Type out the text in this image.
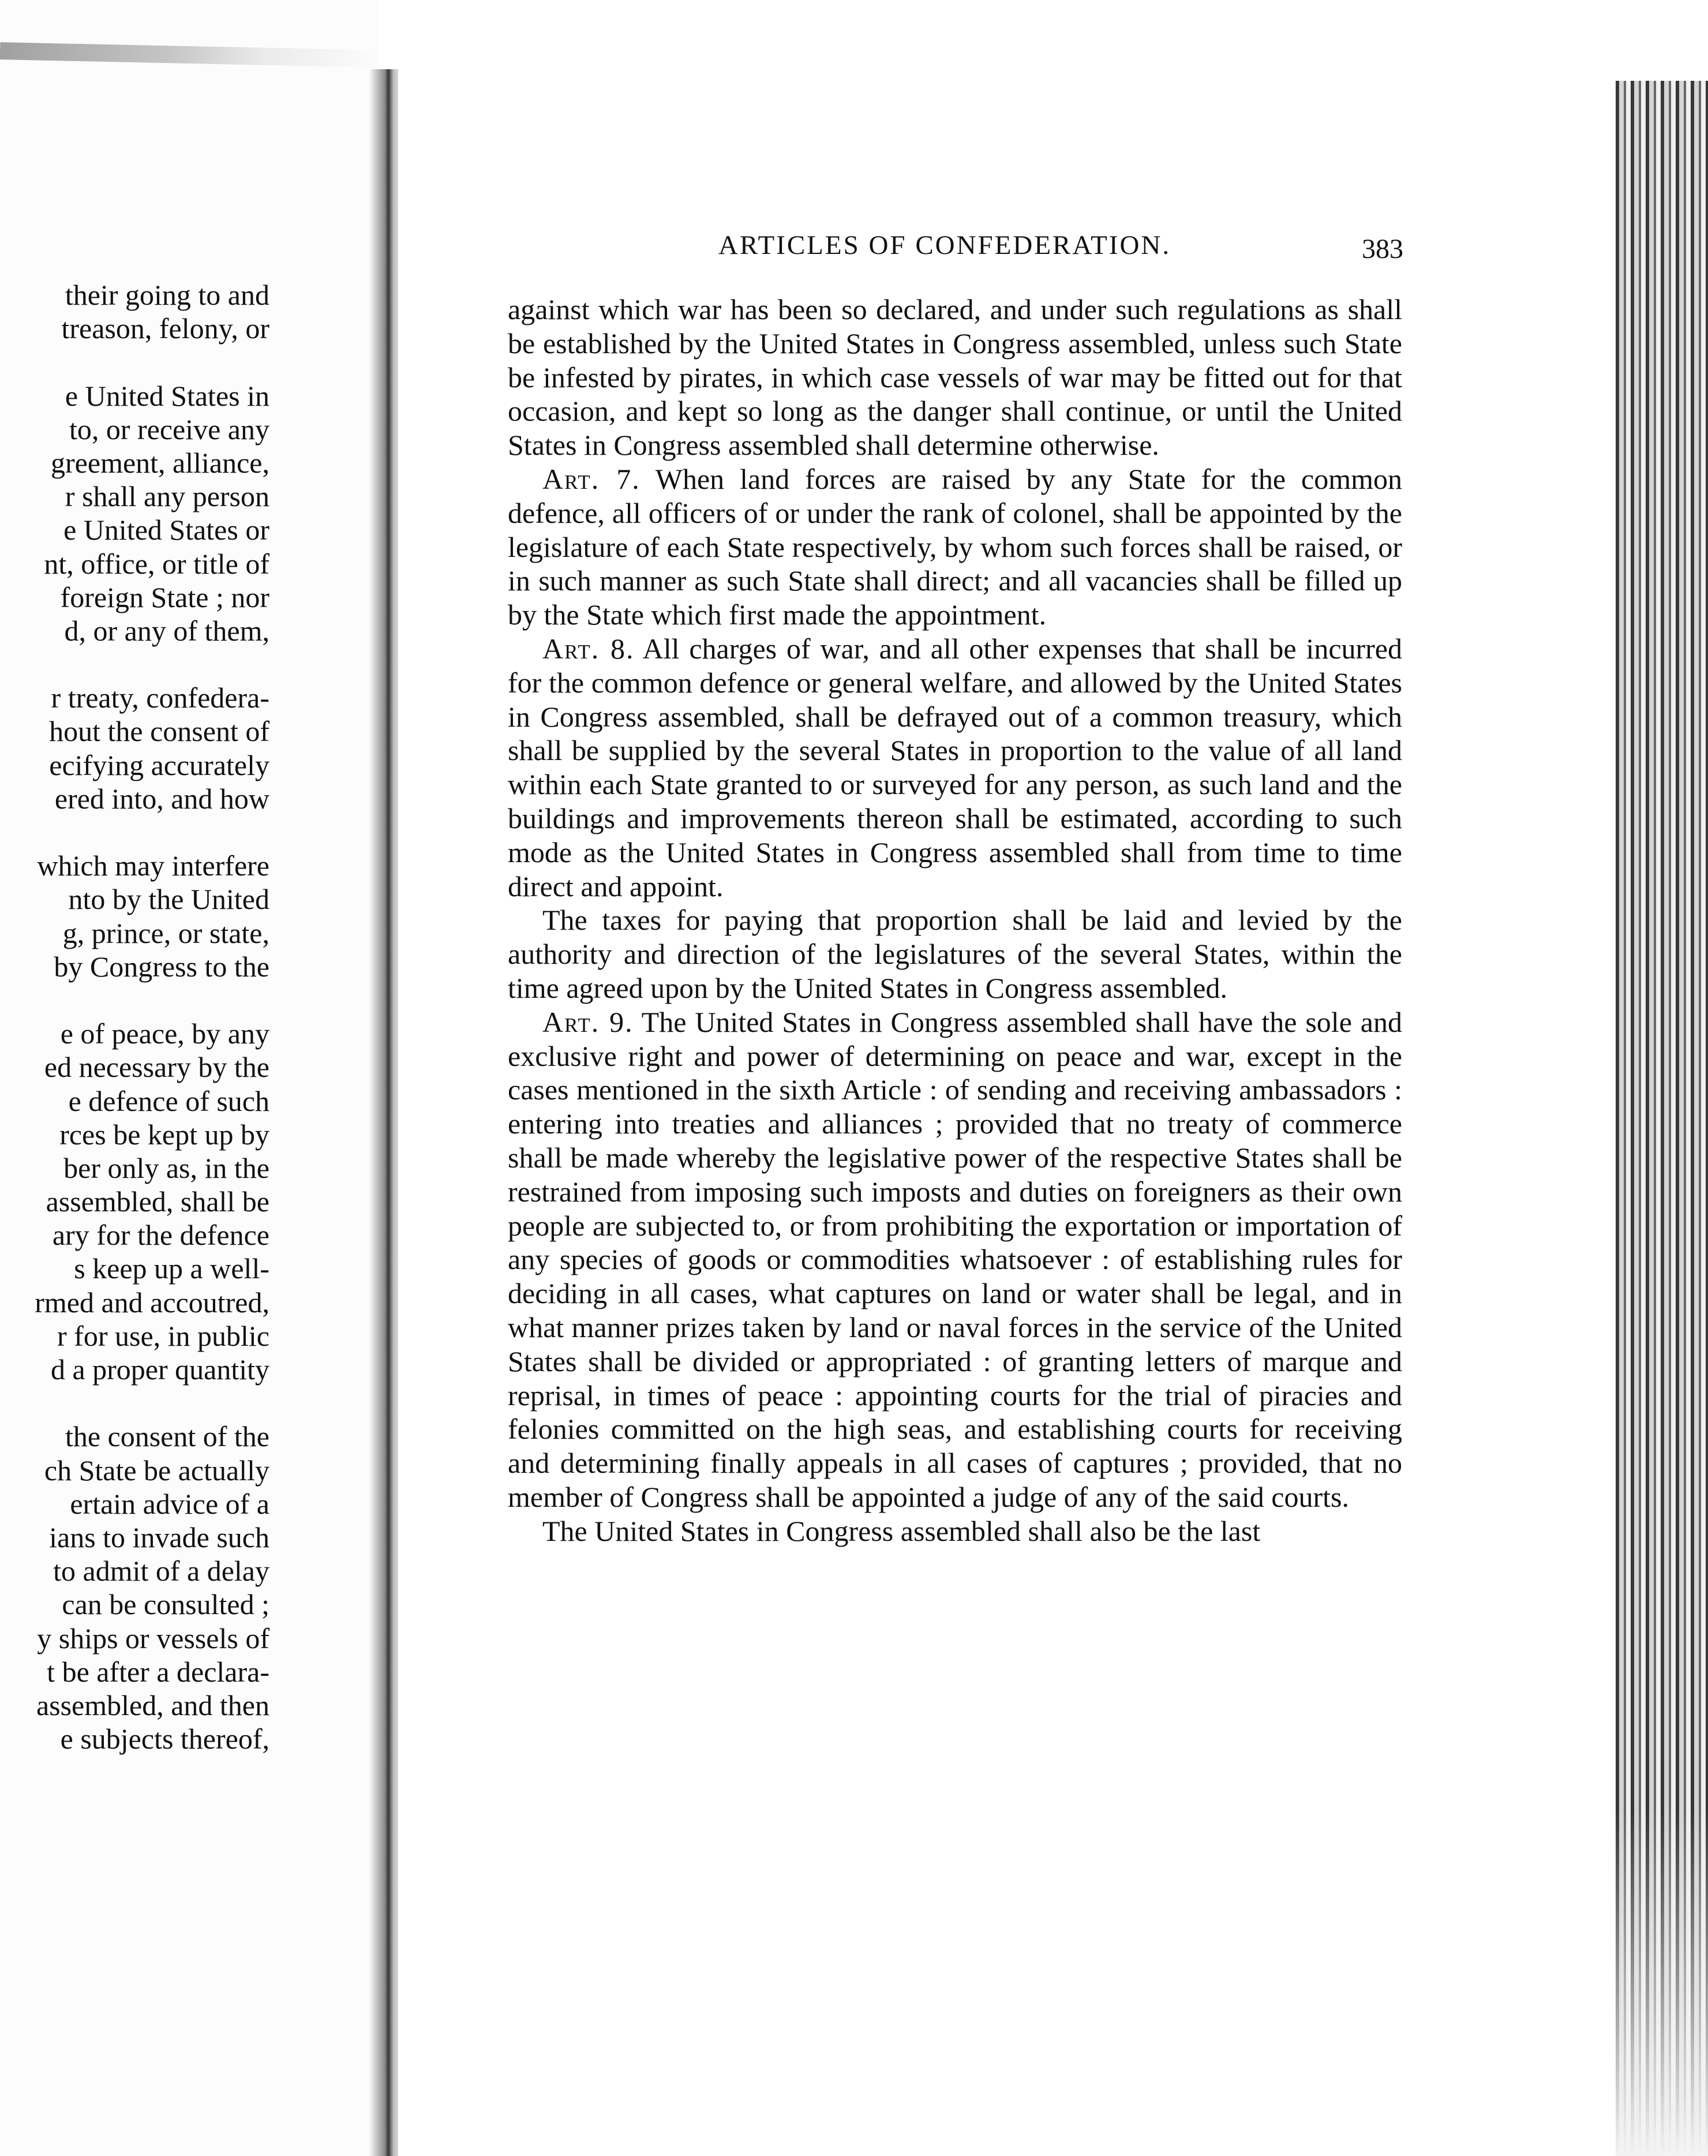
their going to and
treason, felony, or
e United States in
to, or receive any
greement, alliance,
r shall any person
e United States or
nt, office, or title of
foreign State ; nor
d, or any of them,
r treaty, confedera-
hout the consent of
ecifying accurately
ered into, and how
which may interfere
nto by the United
g, prince, or state,
by Congress to the
e of peace, by any
ed necessary by the
e defence of such
rces be kept up by
ber only as, in the
assembled, shall be
ary for the defence
s keep up a well-
rmed and accoutred,
r for use, in public
d a proper quantity
the consent of the
ch State be actually
ertain advice of a
ians to invade such
to admit of a delay
can be consulted ;
y ships or vessels of
t be after a declara-
assembled, and then
e subjects thereof,
ARTICLES OF CONFEDERATION.	383

against which war has been so declared, and under such regulations as shall be established by the United States in Congress assembled, unless such State be infested by pirates, in which case vessels of war may be fitted out for that occasion, and kept so long as the danger shall continue, or until the United States in Congress assembled shall determine otherwise.

Art. 7. When land forces are raised by any State for the common defence, all officers of or under the rank of colonel, shall be appointed by the legislature of each State respectively, by whom such forces shall be raised, or in such manner as such State shall direct; and all vacancies shall be filled up by the State which first made the appointment.

Art. 8. All charges of war, and all other expenses that shall be incurred for the common defence or general welfare, and allowed by the United States in Congress assembled, shall be defrayed out of a common treasury, which shall be supplied by the several States in proportion to the value of all land within each State granted to or surveyed for any person, as such land and the buildings and improvements thereon shall be estimated, according to such mode as the United States in Congress assembled shall from time to time direct and appoint.

The taxes for paying that proportion shall be laid and levied by the authority and direction of the legislatures of the several States, within the time agreed upon by the United States in Congress assembled.

Art. 9. The United States in Congress assembled shall have the sole and exclusive right and power of determining on peace and war, except in the cases mentioned in the sixth Article : of sending and receiving ambassadors : entering into treaties and alliances ; provided that no treaty of commerce shall be made whereby the legislative power of the respective States shall be restrained from imposing such imposts and duties on foreigners as their own people are subjected to, or from prohibiting the exportation or importation of any species of goods or commodities whatsoever : of establishing rules for deciding in all cases, what captures on land or water shall be legal, and in what manner prizes taken by land or naval forces in the service of the United States shall be divided or appropriated : of granting letters of marque and reprisal, in times of peace : appointing courts for the trial of piracies and felonies committed on the high seas, and establishing courts for receiving and determining finally appeals in all cases of captures ; provided, that no member of Congress shall be appointed a judge of any of the said courts.

The United States in Congress assembled shall also be the last
